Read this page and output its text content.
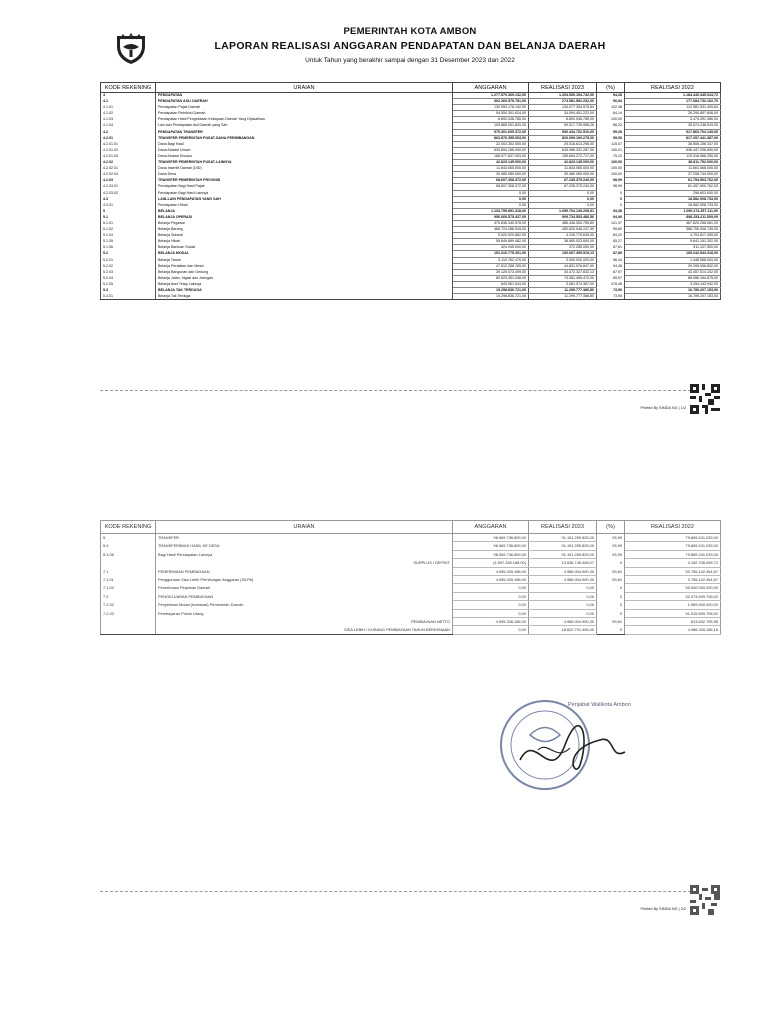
PEMERINTAH KOTA AMBON
LAPORAN REALISASI ANGGARAN PENDAPATAN DAN BELANJA DAERAH
Untuk Tahun yang berakhir sampai dengan 31 Desember 2023 dan 2022
KODE REKENING	URAIAN	ANGGARAN	REALISASI 2023	(%)	REALISASI 2022
4	PENDAPATAN	1.277.570.369.132,00	1.204.530.154.742,00	94,28	1.184.440.345.044,72
4.1	PENDAPATAN ASLI DAERAH	302.260.579.781,00	274.581.592.232,00	90,84	177.684.732.162,70
4.1.01	Pendapatan Pajak Daerah	130.953.176.152,00	134.077.354.575,64	102,38	112.581.531.405,64
4.1.02	Pendapatan Retribusi Daerah	54.550.301.624,00	34.094.451.222,00	64,14	26.290.857.606,00
4.1.03	Pendapatan Hasil Pengelolaan Kekayaan Daerah Yang Dipisahkan	6.892.046.785,00	6.892.046.785,00	100,00	3.474.391.386,00
4.1.04	Lain-lain Pendapatan Asli Daerah yang Sah	109.865.051.820,00	99.517.739.956,26	86,22	35.574.248.519,00
4.2	PENDAPATAN TRANSFER	975.301.609.372,00	930.434.702.510,00	95,39	917.863.704.149,00
4.2.01	TRANSFER PEMERINTAH PUSAT-DANA PERIMBANGAN	863.876.355.003,00	820.099.169.275,00	95,06	817.297.441.387,00
4.2.01.01	Dana Bagi Hasil	22.002.352.000,00	25.318.613.296,00	115,07	36.555.156.337,00
4.2.01.02	Dana Alokasi Umum	634.894.166.000,00	635.086.302.287,00	100,01	636.447.296.690,00
4.2.01.03	Dana Alokasi Khusus	186.977.837.003,00	159.694.273.717,00	75,22	119.316.966.250,00
4.2.02	TRANSFER PEMERINTAH PUSAT-LAINNYA	42.823.145.000,00	42.823.145.000,00	100,00	38.811.752.000,00
4.2.02.01	Dana Insentif Daerah (DID)	11.843.065.000,00	11.843.065.000,00	100,00	11.661.068.000,00
4.2.02.04	Dana Desa	30.480.080.000,00	30.480.080.000,00	100,00	27.208.744.000,00
4.2.03	TRANSFER PEMERINTAH PROVINSI	68.607.308.372,00	67.235.375.240,00	98,99	61.754.503.762,00
4.2.03.01	Pendapatan Bagi Hasil Pajak	68.607.308.372,00	67.235.375.240,00	98,99	61.457.900.762,03
4.2.03.02	Pendapatan Bagi Hasil Lainnya	0,00	0,00	0	296.603.000,00
4.3	LAIN-LAIN PENDAPATAN YANG SAH	0,00	0,00	0	18.582.908.733,00
4.3.01	Pendapatan Hibah	0,00	0,00	0	18.582.908.733,00
5	BELANJA	1.134.795.891.318,00	1.059.704.149.208,51	93,38	1.090.274.397.111,00
5.1	BELANJA OPERASI	956.669.575.437,00	909.734.553.486,56	94,96	898.253.211.509,00
5.1.01	Belanja Pegawai	475.636.340.978,00	486.446.300.755,89	101,37	467.620.258.081,00
5.1.02	Belanja Barang	466.724.286.915,00	450.620.048.247,59	95,60	386.706.006.749,00
5.1.04	Belanja Subsidi	5.020.920.862,00	4.226.775.645,00	84,22	4.704.817.495,00
5.1.05	Belanja Hibah	59.849.889.482,00	38.960.523.600,00	65,27	9.641.151.302,00
5.1.06	Belanja Bantuan Sosial	424.945.000,00	372.285.000,00	87,61	511.107.500,00
5.2	BELANJA MODAL	151.310.775.301,00	130.667.499.515,13	87,85	165.242.544.318,00
5.2.01	Belanja Tanah	3.110.762.470,00	3.000.000.000,00	96,44	1.448.588.000,00
5.2.02	Belanja Peralatan dan Mesin	47.512.258.785,00	44.831.976.847,00	94,46	29.095.056.832,00
5.2.03	Belanja Bangunan dan Gedung	39.120.073.499,00	34.472.327.832,13	87,97	43.457.514.102,00
5.2.04	Belanja Jalan, Irigasi dan Jaringan	80.623.451.298,00	73.361.495.470,00	85,97	88.086.164.875,00
5.2.05	Belanja Aset Tetap Lainnya	643.961.544,00	3.081.074.367,00	478,46	3.294.143.942,00
5.3	BELANJA TAK TERDUGA	15.298.836.721,00	11.299.777.386,80	73,90	16.789.207.153,00
5.3.01	Belanja Tak Terduga	15.298.836.721,00	11.299.777.386,80	73,90	16.789.207.153,00
Printed By SIMDA NG | 1/2
KODE REKENING	URAIAN	ANGGARAN	REALISASI 2023	(%)	REALISASI 2022
5	TRANSFER	96.069.736.809,00	91.191.259.825,00	93,99	79.669.241.033,00
5.4	TRANSFER/BAGI HASIL KE DESA	96.069.736.809,00	91.191.259.825,00	93,99	79.669.241.033,00
5.4.05	Bagi Hasil Pendapatan Lainnya	96.069.736.809,00	91.191.259.825,00	93,99	79.669.241.033,00
	SURPLUS / DEFISIT	(4.997.338.186,00)	13.636.745.408,07	0	4.152.706.099,72
7.1	PENERIMAAN PEMBIAYAAN	4.995.339.186,00	4.986.004.900,30	99,81	53.765.142.454,57
7.1.01	Penggunaan Sisa Lebih Perhitungan Anggaran (SiLPA)	4.995.339.186,00	4.986.004.900,30	99,81	3.765.142.454,57
7.1.04	Penerimaan Pinjaman Daerah	0,00	0,00	0	50.000.000.000,00
7.2	PENGELUARAN PEMBIAYAAN	0,00	0,00	0	52.973.509.706,02
7.2.02	Penyertaan Modal (Investasi) Pemerintah Daerah	0,00	0,00	0	1.959.000.000,00
7.2.03	Pembayaran Pokok Utang	0,00	0,00	0	51.015.509.706,02
	PEMBIAYAAN NETTO	4.995.338.186,00	4.986.004.900,30	99,81	813.632.795,55
	SISA LEBIH / KURANG PEMBIAYAAN TAHUN BERKENAAN	0,00	18.622.701.406,40	0	4.986.339.186,16
Penjabat Walikota Ambon
Printed By SIMDA NG | 2/2
